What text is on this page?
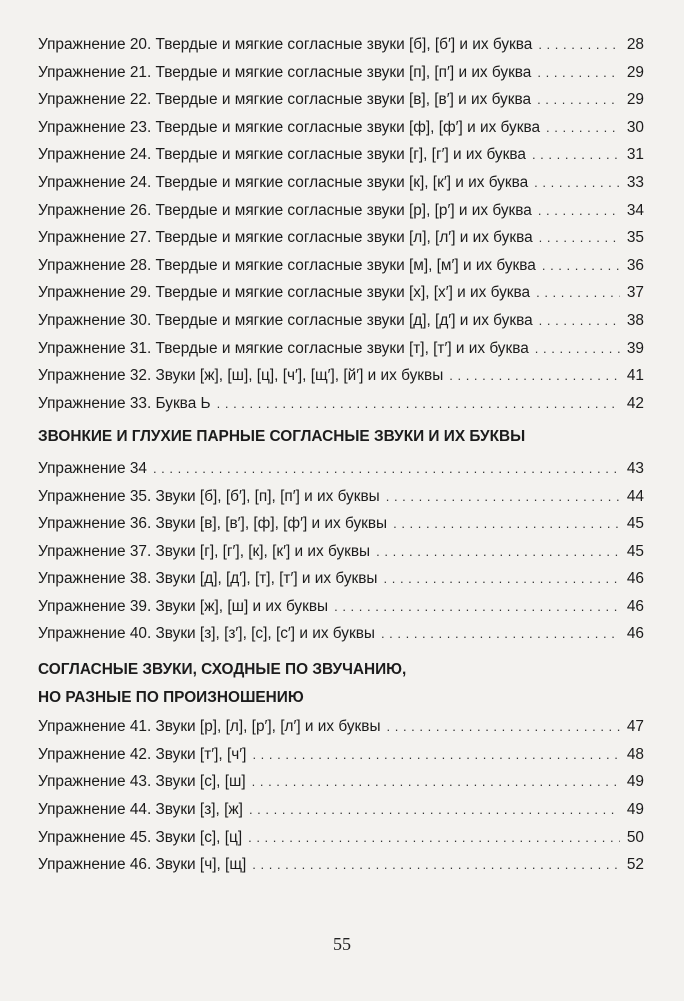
Упражнение 20. Твердые и мягкие согласные звуки [б], [б′] и их буква . . .	28
Упражнение 21. Твердые и мягкие согласные звуки [п], [п′] и их буква . . .	29
Упражнение 22. Твердые и мягкие согласные звуки [в], [в′] и их буква . . .	29
Упражнение 23. Твердые и мягкие согласные звуки [ф], [ф′] и их буква . . .	30
Упражнение 24. Твердые и мягкие согласные звуки [г], [г′] и их буква . . .	31
Упражнение 24. Твердые и мягкие согласные звуки [к], [к′] и их буква . . .	33
Упражнение 26. Твердые и мягкие согласные звуки [р], [р′] и их буква . . .	34
Упражнение 27. Твердые и мягкие согласные звуки [л], [л′] и их буква . . .	35
Упражнение 28. Твердые и мягкие согласные звуки [м], [м′] и их буква . . .	36
Упражнение 29. Твердые и мягкие согласные звуки [х], [х′] и их буква . . .	37
Упражнение 30. Твердые и мягкие согласные звуки [д], [д′] и их буква . . .	38
Упражнение 31. Твердые и мягкие согласные звуки [т], [т′] и их буква . . .	39
Упражнение 32. Звуки [ж], [ш], [ц], [ч′], [щ′], [й′] и их буквы . . .	41
Упражнение 33. Буква Ь . . .	42
ЗВОНКИЕ И ГЛУХИЕ ПАРНЫЕ СОГЛАСНЫЕ ЗВУКИ И ИХ БУКВЫ
Упражнение 34 . . .	43
Упражнение 35. Звуки [б], [б′], [п], [п′] и их буквы . . .	44
Упражнение 36. Звуки [в], [в′], [ф], [ф′] и их буквы . . .	45
Упражнение 37. Звуки [г], [г′], [к], [к′] и их буквы . . .	45
Упражнение 38. Звуки [д], [д′], [т], [т′] и их буквы . . .	46
Упражнение 39. Звуки [ж], [ш] и их буквы . . .	46
Упражнение 40. Звуки [з], [з′], [с], [с′] и их буквы . . .	46
СОГЛАСНЫЕ ЗВУКИ, СХОДНЫЕ ПО ЗВУЧАНИЮ,
НО РАЗНЫЕ ПО ПРОИЗНОШЕНИЮ
Упражнение 41. Звуки [р], [л], [р′], [л′] и их буквы . . .	47
Упражнение 42. Звуки [т′], [ч′] . . .	48
Упражнение 43. Звуки [с], [ш] . . .	49
Упражнение 44. Звуки [з], [ж] . . .	49
Упражнение 45. Звуки [с], [ц] . . .	50
Упражнение 46. Звуки [ч], [щ] . . .	52
55
